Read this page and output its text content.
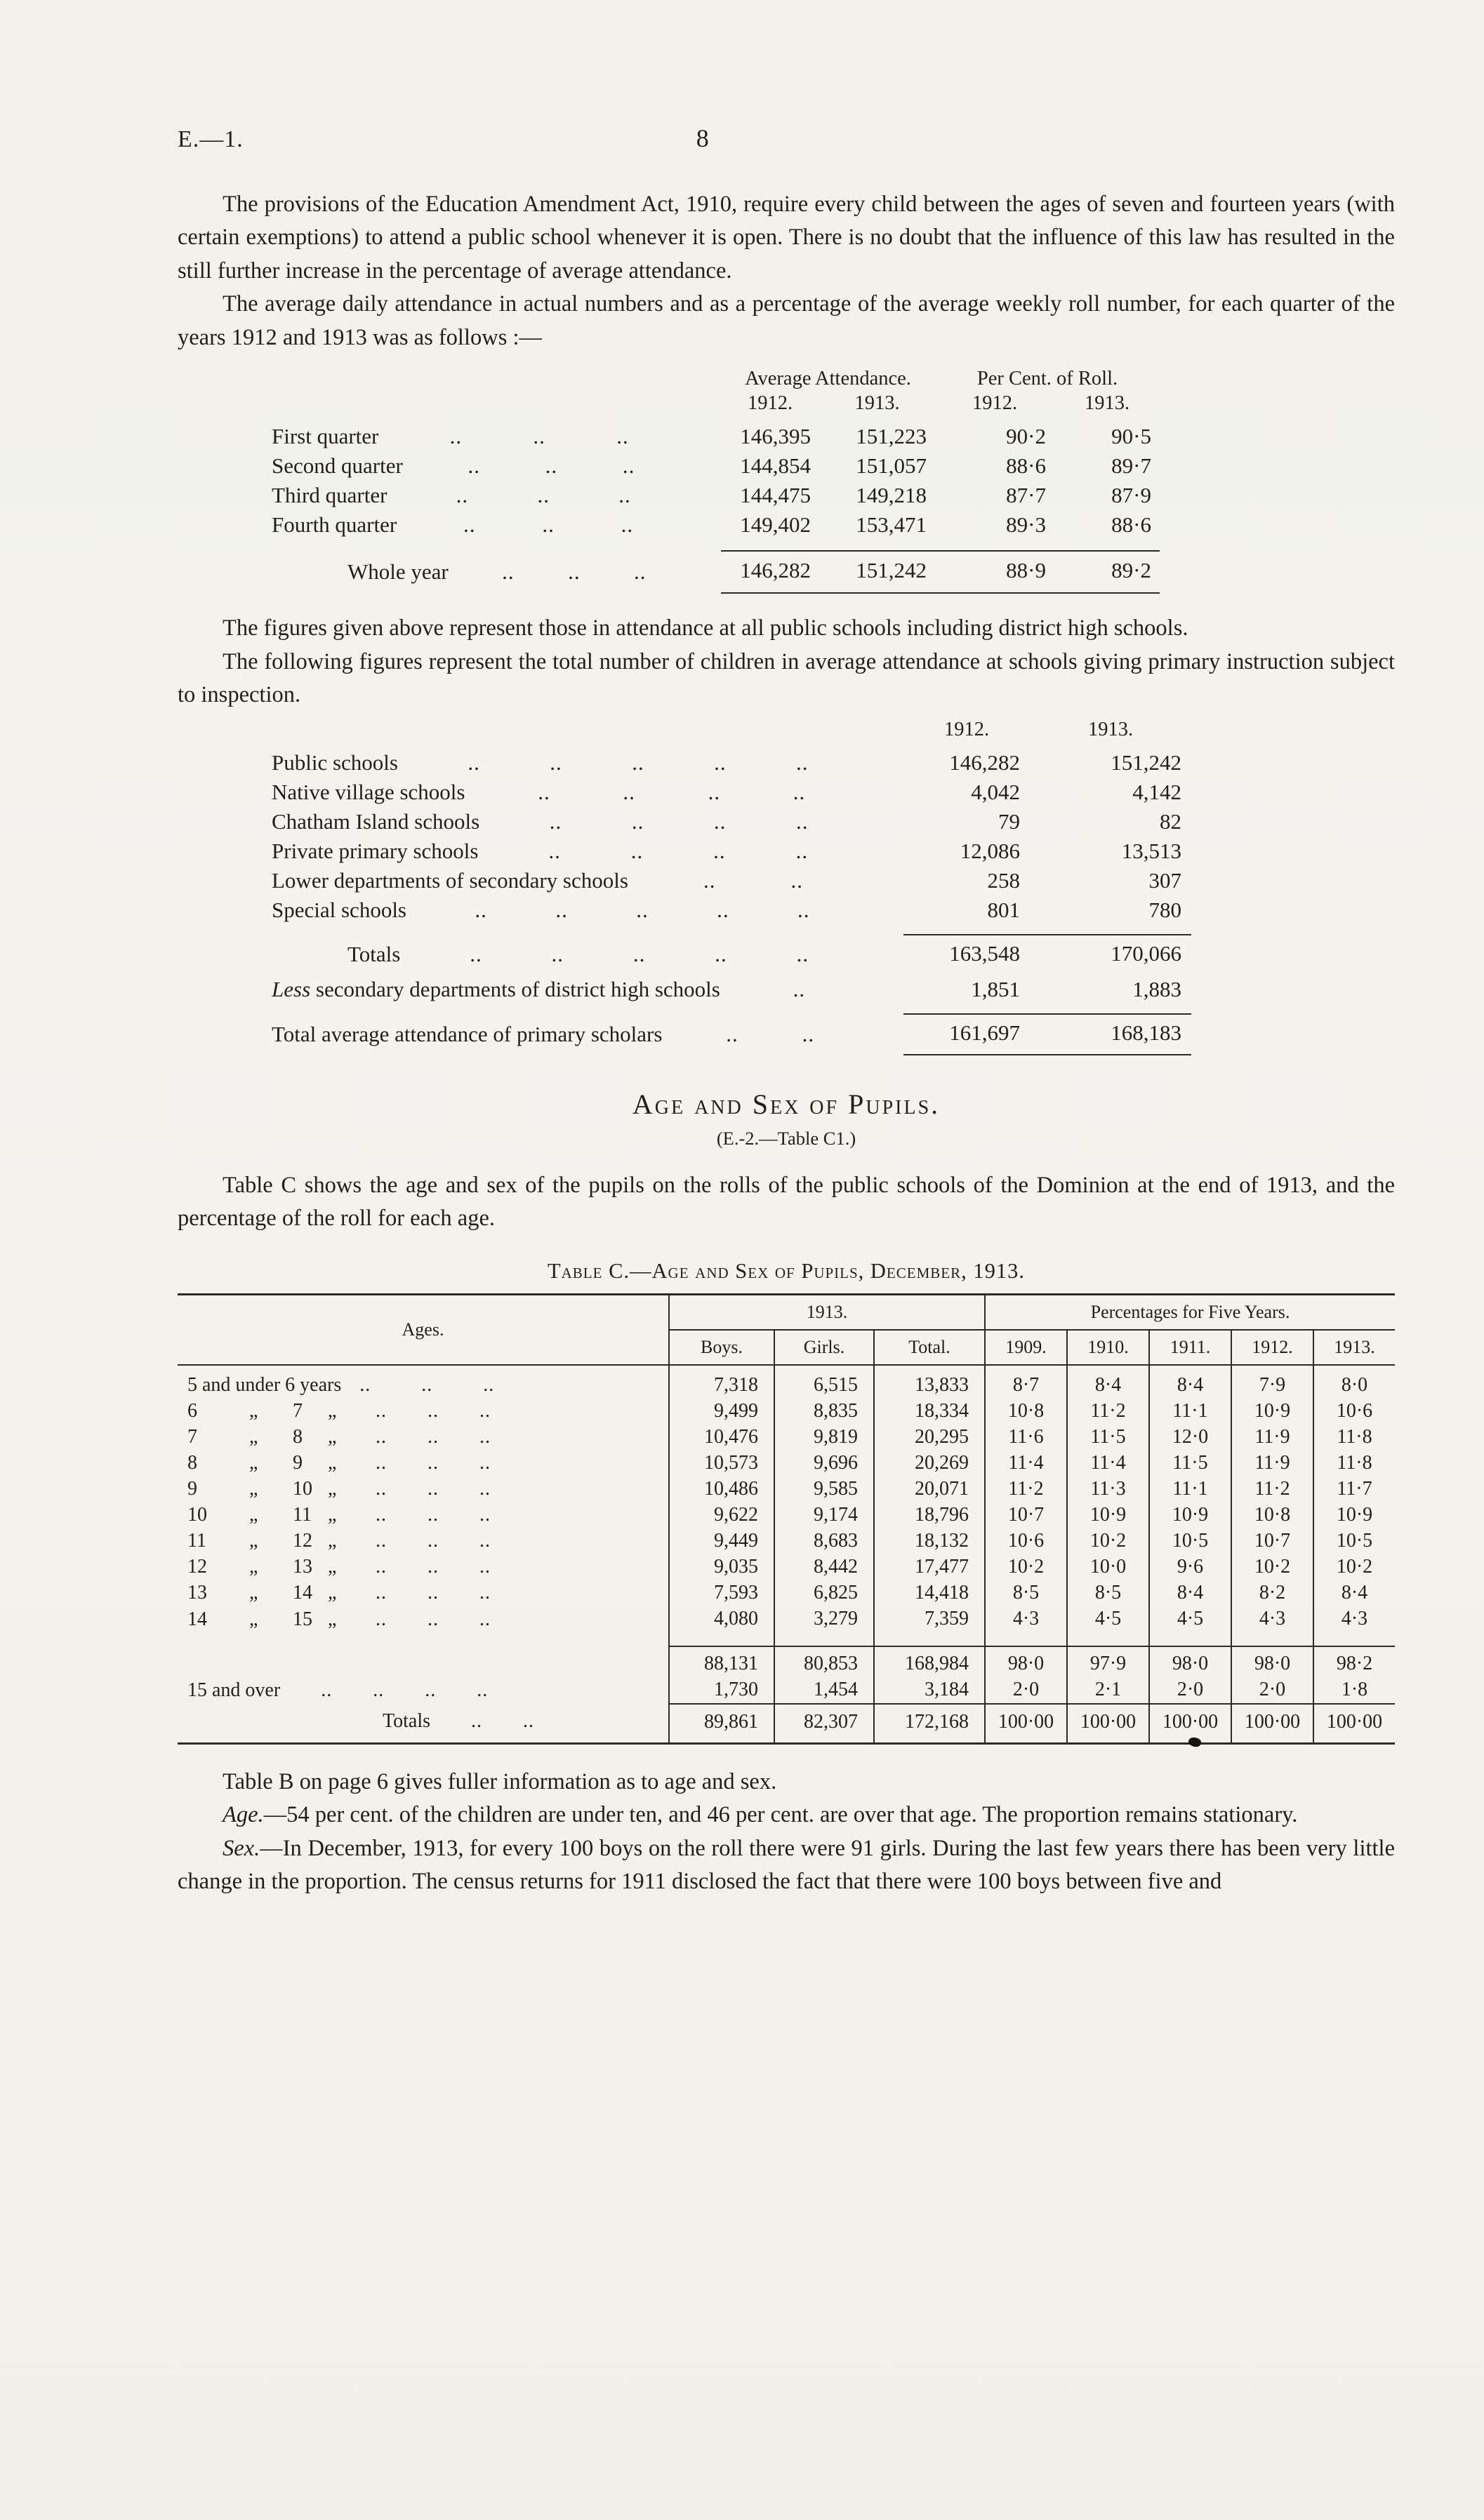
E.—1.	8

The provisions of the Education Amendment Act, 1910, require every child between the ages of seven and fourteen years (with certain exemptions) to attend a public school whenever it is open. There is no doubt that the influence of this law has resulted in the still further increase in the percentage of average attendance.

The average daily attendance in actual numbers and as a percentage of the average weekly roll number, for each quarter of the years 1912 and 1913 was as follows :—

	Average Attendance.		Per Cent. of Roll.	
	1912.	1913.	1912.	1913.

First quarter .. .. ..	146,395	151,223	90·2	90·5

Second quarter .. .. ..	144,854	151,057	88·6	89·7

Third quarter .. .. ..	144,475	149,218	87·7	87·9

Fourth quarter .. .. ..	149,402	153,471	89·3	88·6

Whole year .. .. ..	146,282	151,242	88·9	89·2

The figures given above represent those in attendance at all public schools including district high schools.

The following figures represent the total number of children in average attendance at schools giving primary instruction subject to inspection.

	1912.	1913.

Public schools	..	..	..	..	..	146,282	151,242

Native village schools .. .. .. ..	4,042	4,142

Chatham Island schools .. .. .. ..	79	82

Private primary schools .. .. .. ..	12,086	13,513

Lower departments of secondary schools .. ..	258	307

Special schools	..	..	..	..	..	801	780

Totals	..	..	..	..	..	163,548	170,066

Less secondary departments of district high schools ..	1,851	1,883

Total average attendance of primary scholars .. ..	161,697	168,183
Age and Sex of Pupils.
(E.-2.—Table C1.)

Table C shows the age and sex of the pupils on the rolls of the public schools of the Dominion at the end of 1913, and the percentage of the roll for each age.

Table C.—Age and Sex of Pupils, December, 1913.
Ages.	1913.			Percentages for Five Years.				
	Boys.	Girls.	Total.	1909.	1910.	1911.	1912.	1913.

5 and under 6 years .. .. ..	7,318	6,515	13,833	8·7	8·4	8·4	7·9	8·0

6	„	7	„ .. .. ..	9,499	8,835	18,334	10·8	11·2	11·1	10·9	10·6

7	„	8	„ .. .. ..	10,476	9,819	20,295	11·6	11·5	12·0	11·9	11·8

8	„	9	„ .. .. ..	10,573	9,696	20,269	11·4	11·4	11·5	11·9	11·8

9	„	10 „ .. .. ..	10,486	9,585	20,071	11·2	11·3	11·1	11·2	11·7

10	„	11 „ .. .. ..	9,622	9,174	18,796	10·7	10·9	10·9	10·8	10·9

11	„	12 „ .. .. ..	9,449	8,683	18,132	10·6	10·2	10·5	10·7	10·5

12	„	13 „ .. .. ..	9,035	8,442	17,477	10·2	10·0	9·6	10·2	10·2

13	„	14 „ .. .. ..	7,593	6,825	14,418	8·5	8·5	8·4	8·2	8·4

14	„	15 „ .. .. ..	4,080	3,279	7,359	4·3	4·5	4·5	4·3	4·3
	88,131	80,853	168,984	98·0	97·9	98·0	98·0	98·2

15 and over .. .. .. ..	1,730	1,454	3,184	2·0	2·1	2·0	2·0	1·8

Totals .. ..	89,861	82,307	172,168	100·00	100·00	100·00	100·00	100·00

Table B on page 6 gives fuller information as to age and sex.

Age.—54 per cent. of the children are under ten, and 46 per cent. are over that age. The proportion remains stationary.

Sex.—In December, 1913, for every 100 boys on the roll there were 91 girls. During the last few years there has been very little change in the proportion. The census returns for 1911 disclosed the fact that there were 100 boys between five and
